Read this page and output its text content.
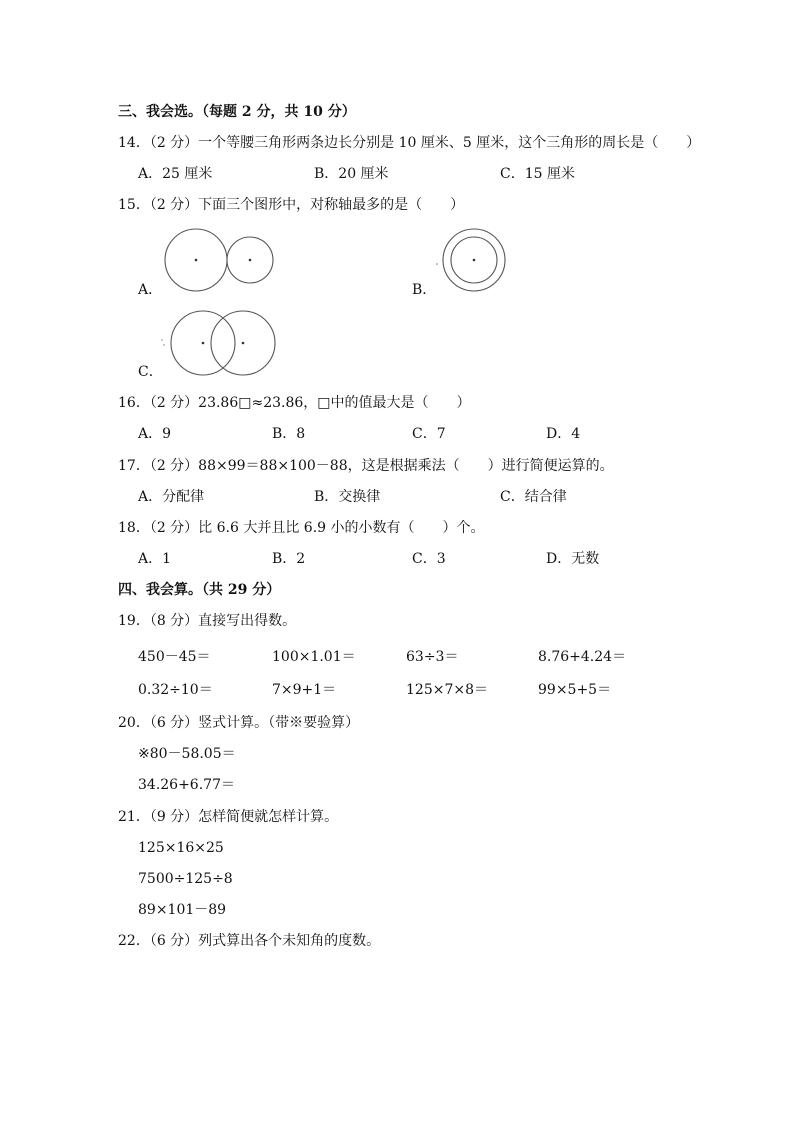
三、我会选。（每题 2 分，共 10 分）
14．（2 分）一个等腰三角形两条边长分别是 10 厘米、5 厘米，这个三角形的周长是（　　）
A．25 厘米	B．20 厘米	C．15 厘米
15．（2 分）下面三个图形中，对称轴最多的是（　　）
A．	B．
C．
16．（2 分）23.86□≈23.86，□中的值最大是（　　）
A．9	B．8	C．7	D．4
17．（2 分）88×99＝88×100－88，这是根据乘法（　　）进行简便运算的。
A．分配律	B．交换律	C．结合律
18．（2 分）比 6.6 大并且比 6.9 小的小数有（　　）个。
A．1	B．2	C．3	D．无数
四、我会算。（共 29 分）
19．（8 分）直接写出得数。
450－45＝	100×1.01＝	63÷3＝	8.76+4.24＝
0.32÷10＝	7×9+1＝	125×7×8＝	99×5+5＝
20．（6 分）竖式计算。（带※要验算）
※80－58.05＝
34.26+6.77＝
21．（9 分）怎样简便就怎样计算。
125×16×25
7500÷125÷8
89×101－89
22．（6 分）列式算出各个未知角的度数。
